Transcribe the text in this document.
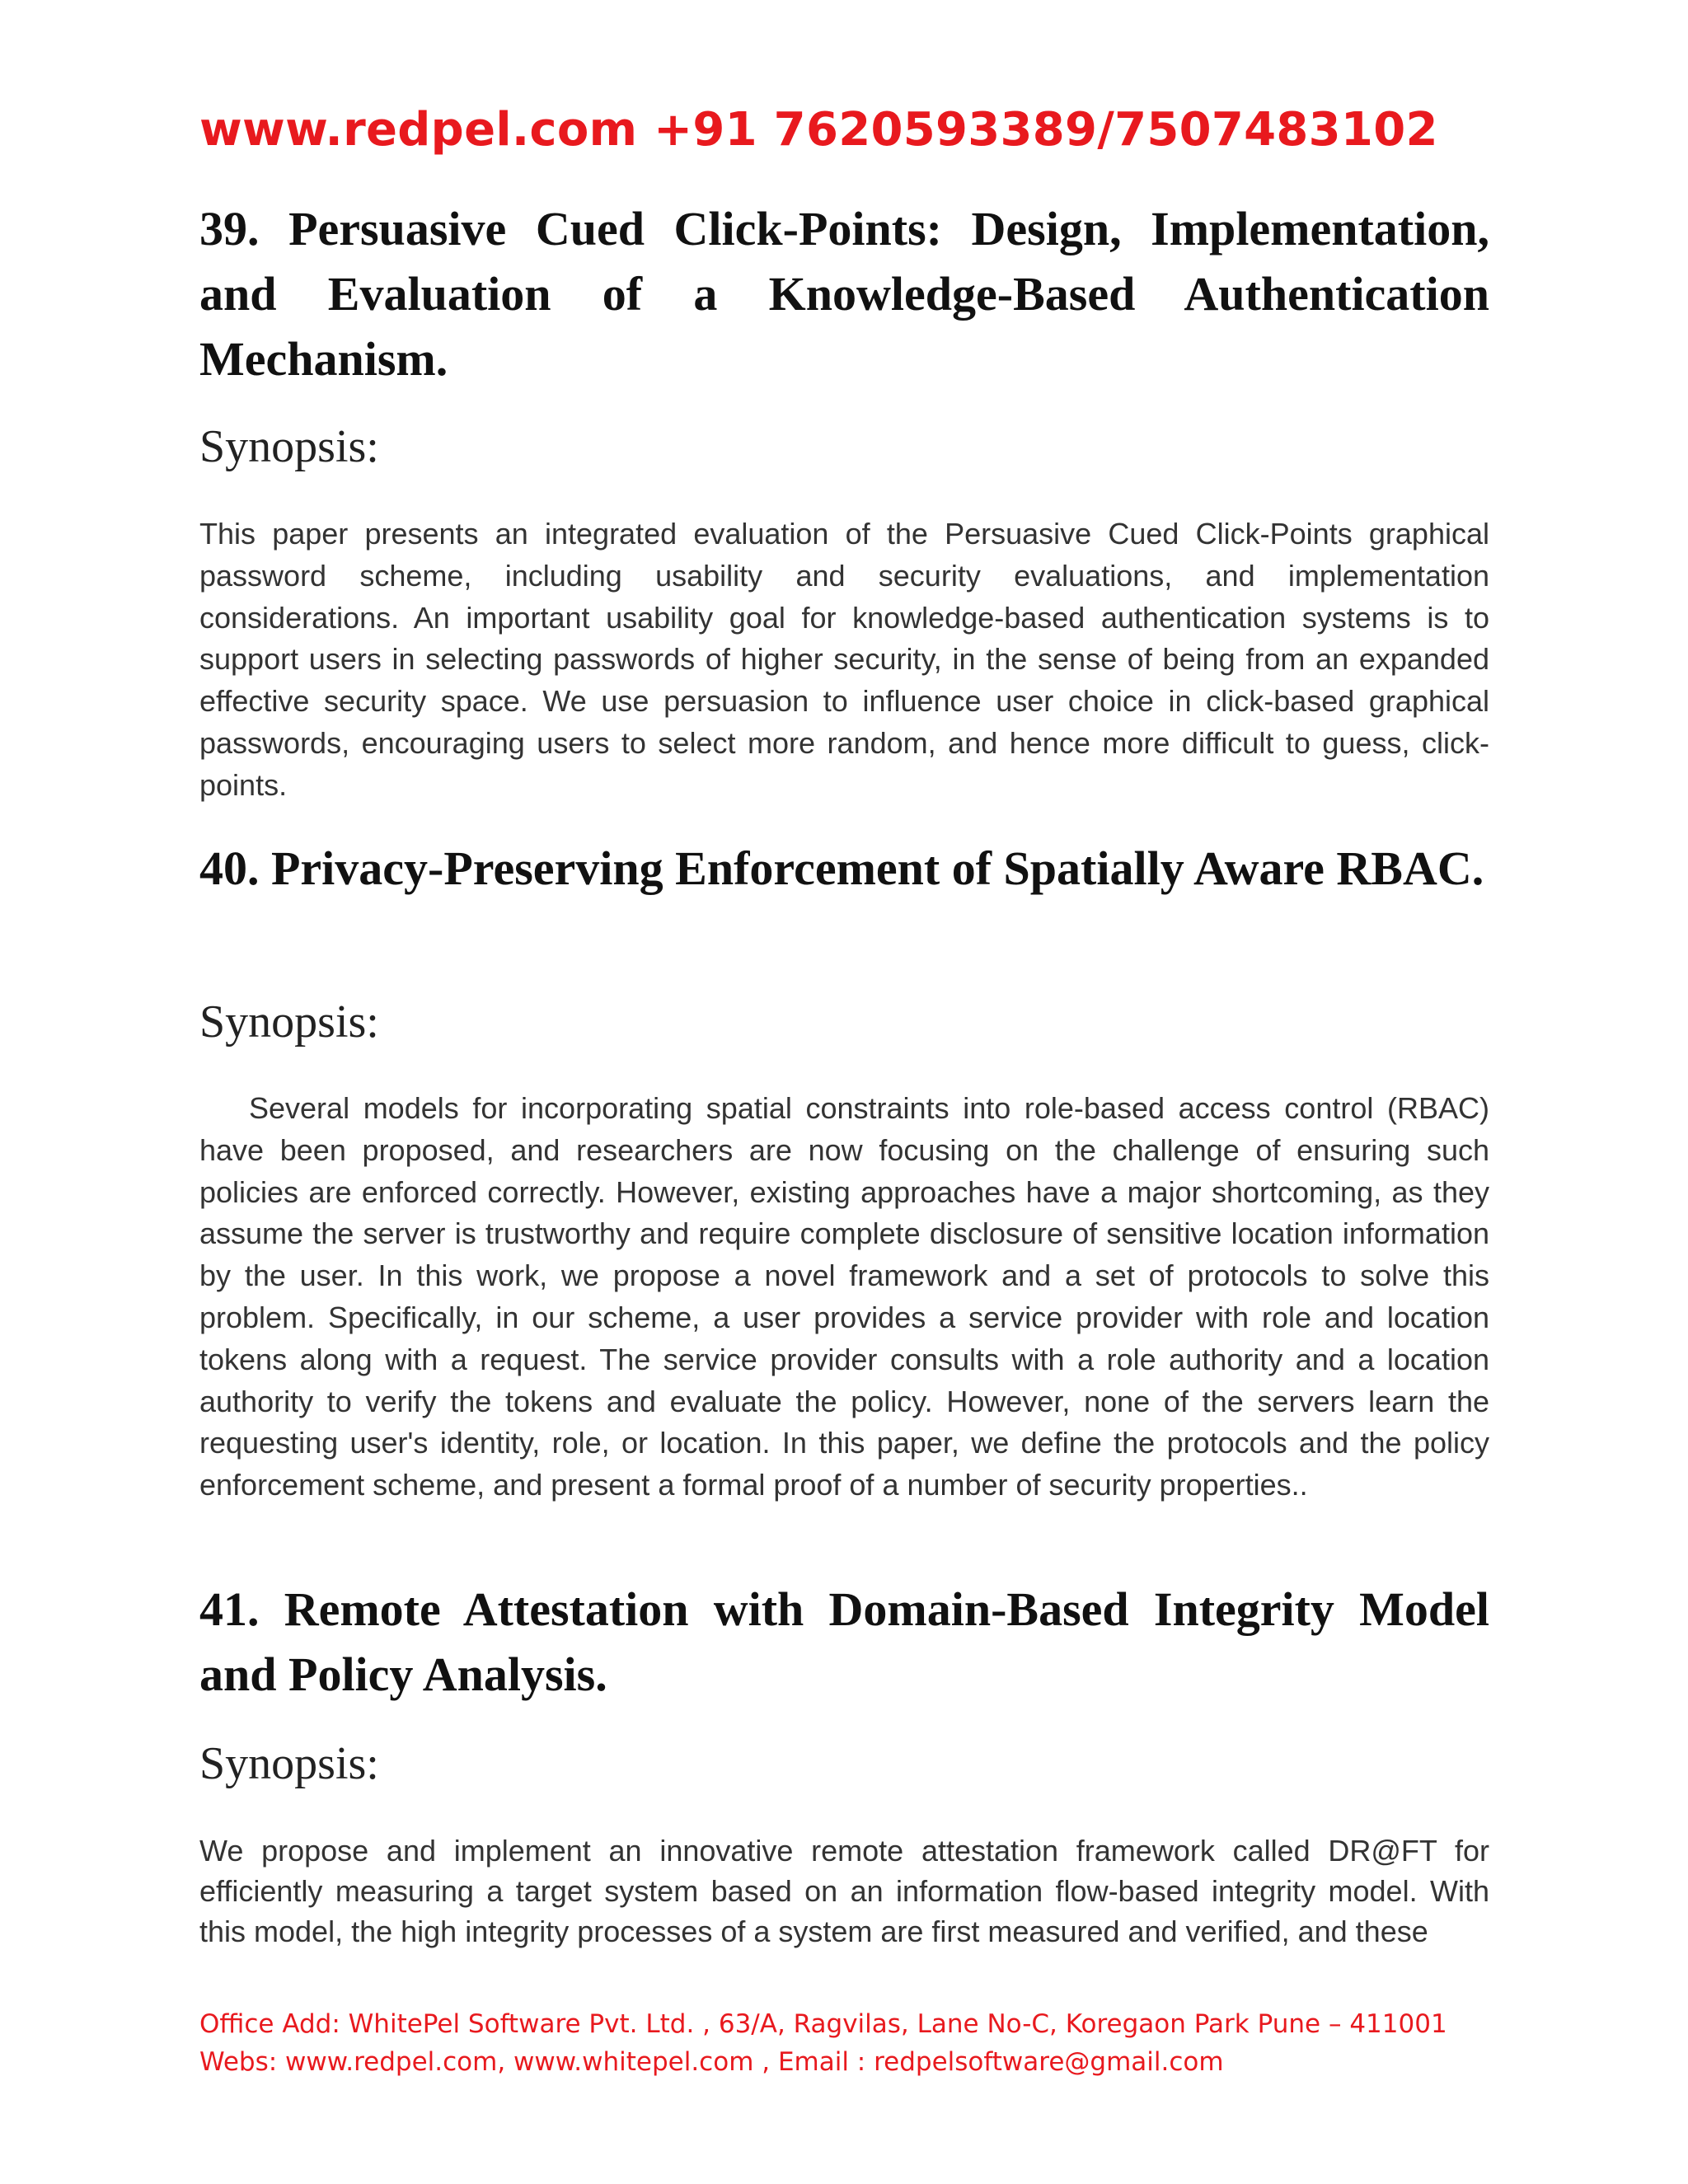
www.redpel.com +91 7620593389/7507483102
39. Persuasive Cued Click-Points: Design, Implementation, and Evaluation of a Knowledge-Based Authentication Mechanism.
Synopsis:
This paper presents an integrated evaluation of the Persuasive Cued Click-Points graphical password scheme, including usability and security evaluations, and implementation considerations. An important usability goal for knowledge-based authentication systems is to support users in selecting passwords of higher security, in the sense of being from an expanded effective security space. We use persuasion to influence user choice in click-based graphical passwords, encouraging users to select more random, and hence more difficult to guess, click-points.
40. Privacy-Preserving Enforcement of Spatially Aware RBAC.
Synopsis:
Several models for incorporating spatial constraints into role-based access control (RBAC) have been proposed, and researchers are now focusing on the challenge of ensuring such policies are enforced correctly. However, existing approaches have a major shortcoming, as they assume the server is trustworthy and require complete disclosure of sensitive location information by the user. In this work, we propose a novel framework and a set of protocols to solve this problem. Specifically, in our scheme, a user provides a service provider with role and location tokens along with a request. The service provider consults with a role authority and a location authority to verify the tokens and evaluate the policy. However, none of the servers learn the requesting user's identity, role, or location. In this paper, we define the protocols and the policy enforcement scheme, and present a formal proof of a number of security properties..
41. Remote Attestation with Domain-Based Integrity Model and Policy Analysis.
Synopsis:
We propose and implement an innovative remote attestation framework called DR@FT for efficiently measuring a target system based on an information flow-based integrity model. With this model, the high integrity processes of a system are first measured and verified, and these
Office Add: WhitePel Software Pvt. Ltd. , 63/A, Ragvilas, Lane No-C, Koregaon Park Pune – 411001
Webs: www.redpel.com, www.whitepel.com , Email : redpelsoftware@gmail.com
